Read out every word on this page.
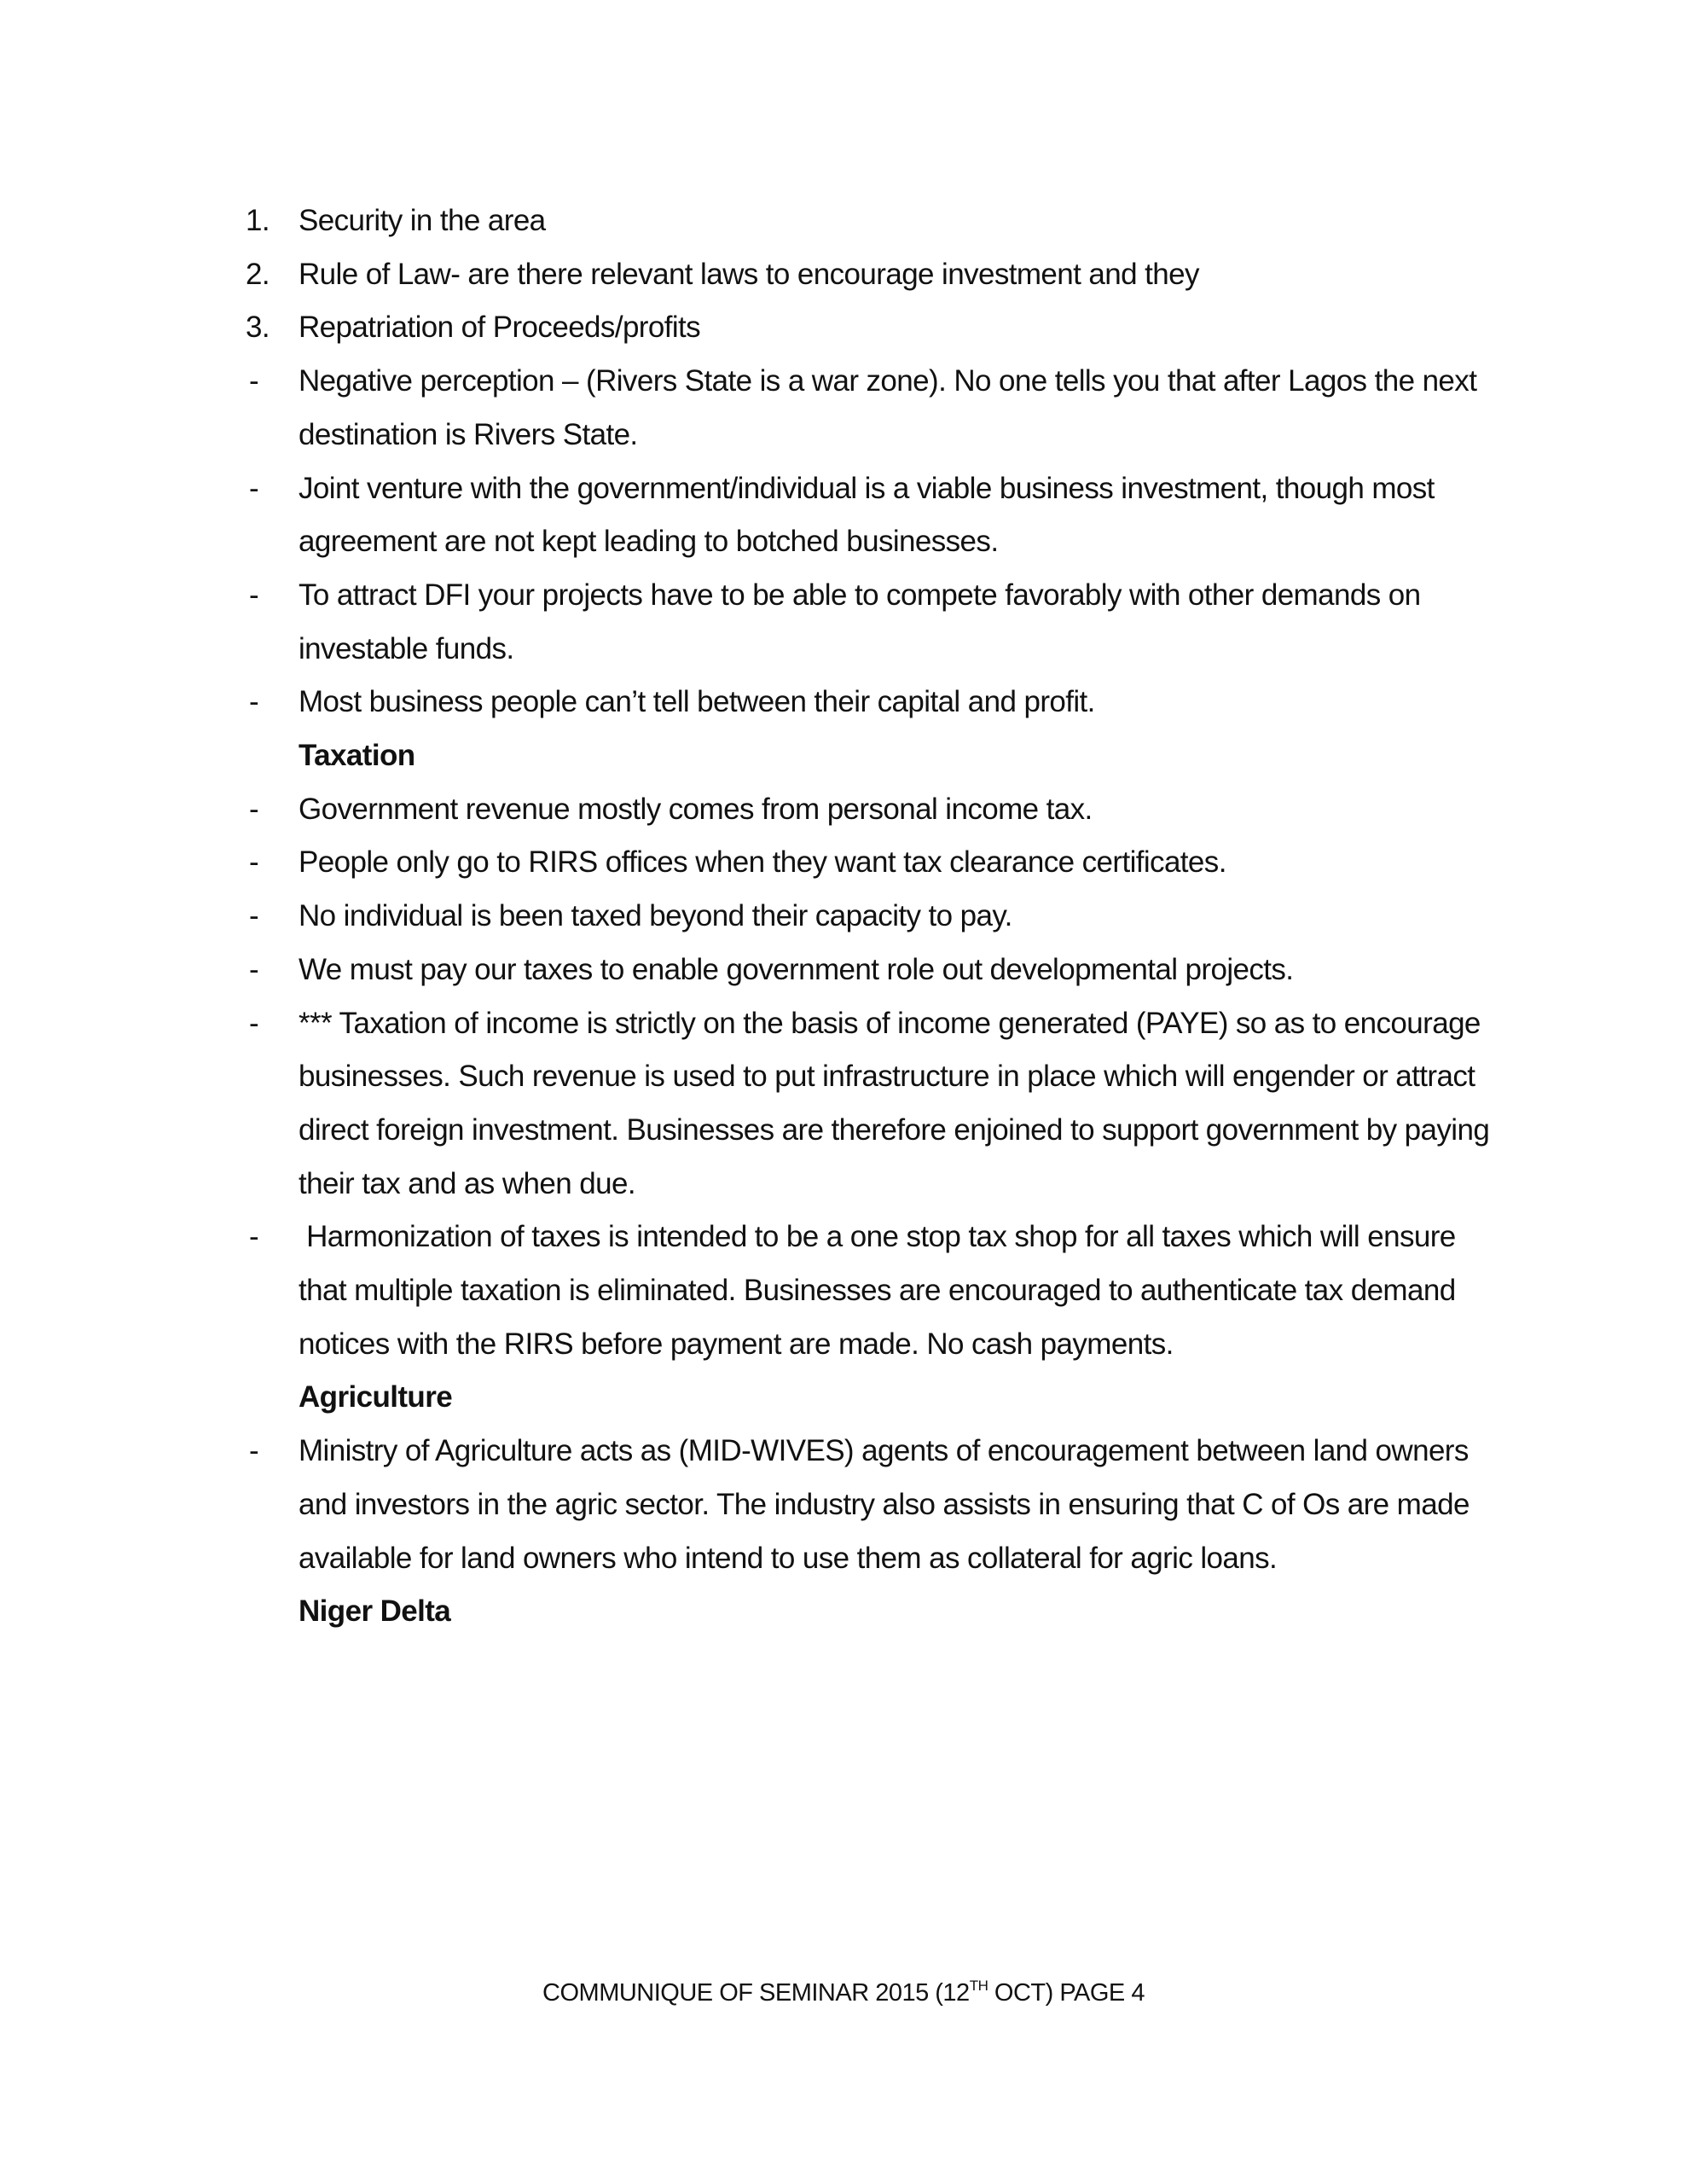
1. Security in the area
2. Rule of Law- are there relevant laws to encourage investment and they
3. Repatriation of Proceeds/profits
-	Negative perception – (Rivers State is a war zone). No one tells you that after Lagos the next destination is Rivers State.
-	Joint venture with the government/individual is a viable business investment, though most agreement are not kept leading to botched businesses.
-	To attract DFI your projects have to be able to compete favorably with other demands on investable funds.
-	Most business people can’t tell between their capital and profit.
Taxation
-	Government revenue mostly comes from personal income tax.
-	People only go to RIRS offices when they want tax clearance certificates.
-	No individual is been taxed beyond their capacity to pay.
-	We must pay our taxes to enable government role out developmental projects.
-	*** Taxation of income is strictly on the basis of income generated (PAYE) so as to encourage businesses. Such revenue is used to put infrastructure in place which will engender or attract direct foreign investment. Businesses are therefore enjoined to support government by paying their tax and as when due.
-	Harmonization of taxes is intended to be a one stop tax shop for all taxes which will ensure that multiple taxation is eliminated. Businesses are encouraged to authenticate tax demand notices with the RIRS before payment are made. No cash payments.
Agriculture
-	Ministry of Agriculture acts as (MID-WIVES) agents of encouragement between land owners and investors in the agric sector. The industry also assists in ensuring that C of Os are made available for land owners who intend to use them as collateral for agric loans.
Niger Delta
COMMUNIQUE OF SEMINAR 2015 (12TH OCT) PAGE 4
